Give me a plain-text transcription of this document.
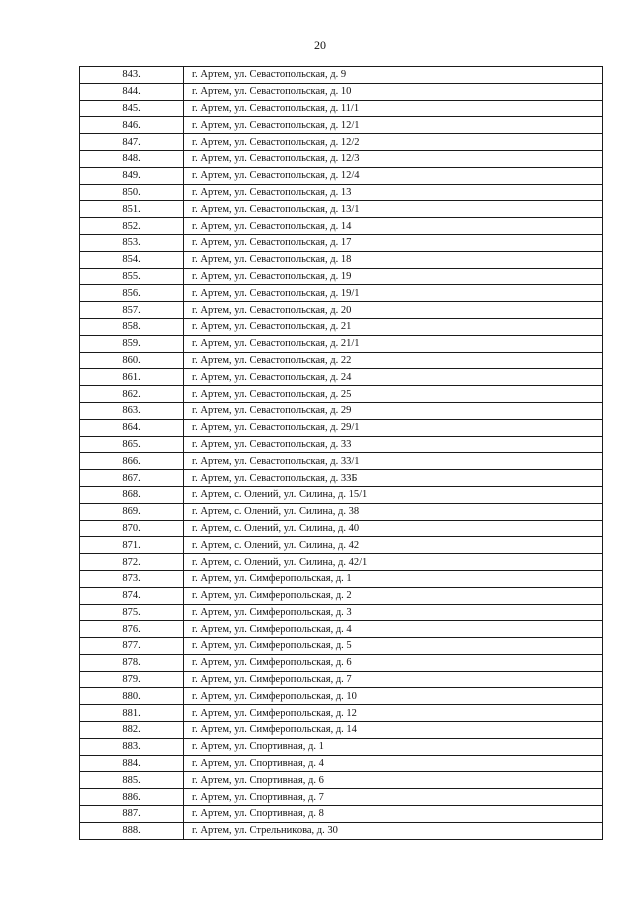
20
843.	г. Артем, ул. Севастопольская, д. 9
844.	г. Артем, ул. Севастопольская, д. 10
845.	г. Артем, ул. Севастопольская, д. 11/1
846.	г. Артем, ул. Севастопольская, д. 12/1
847.	г. Артем, ул. Севастопольская, д. 12/2
848.	г. Артем, ул. Севастопольская, д. 12/3
849.	г. Артем, ул. Севастопольская, д. 12/4
850.	г. Артем, ул. Севастопольская, д. 13
851.	г. Артем, ул. Севастопольская, д. 13/1
852.	г. Артем, ул. Севастопольская, д. 14
853.	г. Артем, ул. Севастопольская, д. 17
854.	г. Артем, ул. Севастопольская, д. 18
855.	г. Артем, ул. Севастопольская, д. 19
856.	г. Артем, ул. Севастопольская, д. 19/1
857.	г. Артем, ул. Севастопольская, д. 20
858.	г. Артем, ул. Севастопольская, д. 21
859.	г. Артем, ул. Севастопольская, д. 21/1
860.	г. Артем, ул. Севастопольская, д. 22
861.	г. Артем, ул. Севастопольская, д. 24
862.	г. Артем, ул. Севастопольская, д. 25
863.	г. Артем, ул. Севастопольская, д. 29
864.	г. Артем, ул. Севастопольская, д. 29/1
865.	г. Артем, ул. Севастопольская, д. 33
866.	г. Артем, ул. Севастопольская, д. 33/1
867.	г. Артем, ул. Севастопольская, д. 33Б
868.	г. Артем, с. Олений, ул. Силина, д. 15/1
869.	г. Артем, с. Олений, ул. Силина, д. 38
870.	г. Артем, с. Олений, ул. Силина, д. 40
871.	г. Артем, с. Олений, ул. Силина, д. 42
872.	г. Артем, с. Олений, ул. Силина, д. 42/1
873.	г. Артем, ул. Симферопольская, д. 1
874.	г. Артем, ул. Симферопольская, д. 2
875.	г. Артем, ул. Симферопольская, д. 3
876.	г. Артем, ул. Симферопольская, д. 4
877.	г. Артем, ул. Симферопольская, д. 5
878.	г. Артем, ул. Симферопольская, д. 6
879.	г. Артем, ул. Симферопольская, д. 7
880.	г. Артем, ул. Симферопольская, д. 10
881.	г. Артем, ул. Симферопольская, д. 12
882.	г. Артем, ул. Симферопольская, д. 14
883.	г. Артем, ул. Спортивная, д. 1
884.	г. Артем, ул. Спортивная, д. 4
885.	г. Артем, ул. Спортивная, д. 6
886.	г. Артем, ул. Спортивная, д. 7
887.	г. Артем, ул. Спортивная, д. 8
888.	г. Артем, ул. Стрельникова, д. 30
